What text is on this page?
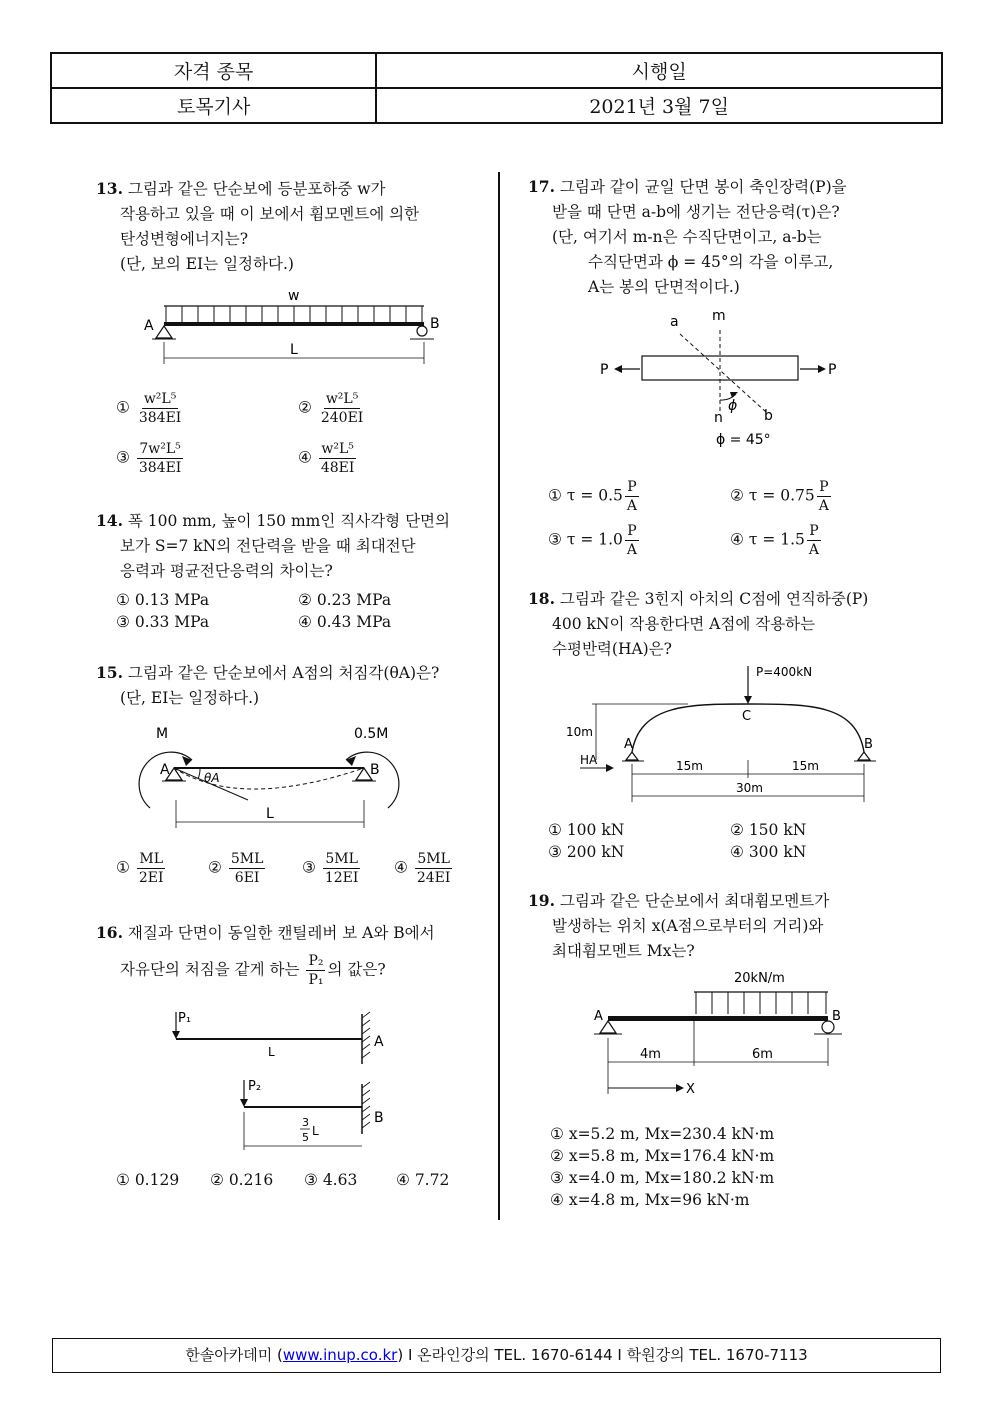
자격 종목	시행일
토목기사	2021년 3월 7일
13. 그림과 같은 단순보에 등분포하중 w가
작용하고 있을 때 이 보에서 휨모멘트에 의한
탄성변형에너지는?
(단, 보의 EI는 일정하다.)
w
A	B
L
① $\frac{\text{w²L⁵}}{384EI}$	② $\frac{\text{w²L⁵}}{240EI}$
③ $\frac{\text{7w²L⁵}}{384EI}$	④ $\frac{\text{w²L⁵}}{48EI}$
14. 폭 100 mm, 높이 150 mm인 직사각형 단면의
보가 S=7 kN의 전단력을 받을 때 최대전단
응력과 평균전단응력의 차이는?
① 0.13 MPa	② 0.23 MPa
③ 0.33 MPa	④ 0.43 MPa
15. 그림과 같은 단순보에서 A점의 처짐각(θA)은?
(단, EI는 일정하다.)
M	0.5M
θA
A	B
L
① $\frac{ML}{2EI}$	② $\frac{5ML}{6EI}$ ③ $\frac{5ML}{12EI}$ ④ $\frac{5ML}{24EI}$
16. 재질과 단면이 동일한 캔틸레버 보 A와 B에서
자유단의 처짐을 같게 하는 $\frac{\text{P₂}}{\text{P₁}}$ 의 값은?
P₁
A
L
P₂
B
3
5 L
① 0.129 ② 0.216 ③ 4.63 ④ 7.72
17. 그림과 같이 균일 단면 봉이 축인장력(P)을
받을 때 단면 a-b에 생기는 전단응력(τ)은?
(단, 여기서 m-n은 수직단면이고, a-b는
수직단면과 ϕ = 45°의 각을 이루고,
A는 봉의 단면적이다.)
a m
P	P
n
ϕ
b
ϕ = 45°
① $\tau = 0.5 \frac{P}{A}$	② $\tau = 0.75 \frac{P}{A}$
③ $\tau = 1.0 \frac{P}{A}$	④ $\tau = 1.5 \frac{P}{A}$
18. 그림과 같은 3힌지 아치의 C점에 연직하중(P)
400 kN이 작용한다면 A점에 작용하는
수평반력(HA)은?
P=400kN
C
10m
A
HA
B
15m	15m
30m
① 100 kN	② 150 kN
③ 200 kN	④ 300 kN
19. 그림과 같은 단순보에서 최대휨모멘트가
발생하는 위치 x(A점으로부터의 거리)와
최대휨모멘트 Mx는?
20kN/m
A	B
4m	6m
X
① x=5.2 m, Mx=230.4 kN·m
② x=5.8 m, Mx=176.4 kN·m
③ x=4.0 m, Mx=180.2 kN·m
④ x=4.8 m, Mx=96 kN·m
한솔아카데미 (www.inup.co.kr) I 온라인강의 TEL. 1670-6144 I 학원강의 TEL. 1670-7113
